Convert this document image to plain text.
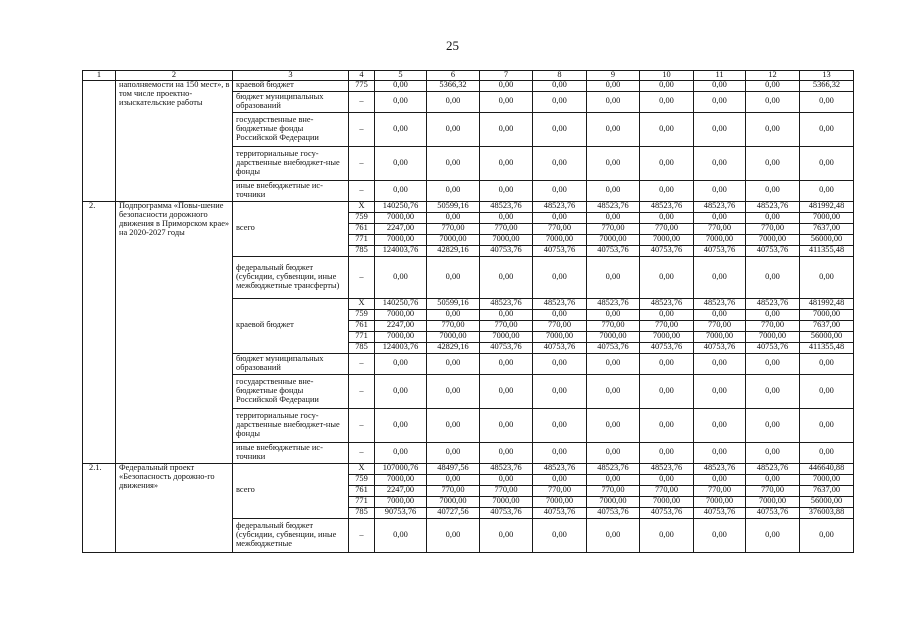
25
1	2	3	4	5	6	7	8	9	10	11	12	13
	наполняемости на 150 мест», в том числе проектно-изыскательские работы	краевой бюджет	775	0,00	5366,32	0,00	0,00	0,00	0,00	0,00	0,00	5366,32
		бюджет муниципальных образований	–	0,00	0,00	0,00	0,00	0,00	0,00	0,00	0,00	0,00
		государственные вне-бюджетные фонды Российской Федерации	–	0,00	0,00	0,00	0,00	0,00	0,00	0,00	0,00	0,00
		территориальные госу-дарственные внебюджет-ные фонды	–	0,00	0,00	0,00	0,00	0,00	0,00	0,00	0,00	0,00
		иные внебюджетные ис-точники	–	0,00	0,00	0,00	0,00	0,00	0,00	0,00	0,00	0,00
2.	Подпрограмма «Повы-шение безопасности дорожного движения в Приморском крае» на 2020-2027 годы	всего	X	140250,76	50599,16	48523,76	48523,76	48523,76	48523,76	48523,76	48523,76	481992,48
			759	7000,00	0,00	0,00	0,00	0,00	0,00	0,00	0,00	7000,00
			761	2247,00	770,00	770,00	770,00	770,00	770,00	770,00	770,00	7637,00
			771	7000,00	7000,00	7000,00	7000,00	7000,00	7000,00	7000,00	7000,00	56000,00
			785	124003,76	42829,16	40753,76	40753,76	40753,76	40753,76	40753,76	40753,76	411355,48
		федеральный бюджет (субсидии, субвенции, иные межбюджетные трансферты)	–	0,00	0,00	0,00	0,00	0,00	0,00	0,00	0,00	0,00
		краевой бюджет	X	140250,76	50599,16	48523,76	48523,76	48523,76	48523,76	48523,76	48523,76	481992,48
			759	7000,00	0,00	0,00	0,00	0,00	0,00	0,00	0,00	7000,00
			761	2247,00	770,00	770,00	770,00	770,00	770,00	770,00	770,00	7637,00
			771	7000,00	7000,00	7000,00	7000,00	7000,00	7000,00	7000,00	7000,00	56000,00
			785	124003,76	42829,16	40753,76	40753,76	40753,76	40753,76	40753,76	40753,76	411355,48
		бюджет муниципальных образований	–	0,00	0,00	0,00	0,00	0,00	0,00	0,00	0,00	0,00
		государственные вне-бюджетные фонды Российской Федерации	–	0,00	0,00	0,00	0,00	0,00	0,00	0,00	0,00	0,00
		территориальные госу-дарственные внебюджет-ные фонды	–	0,00	0,00	0,00	0,00	0,00	0,00	0,00	0,00	0,00
		иные внебюджетные ис-точники	–	0,00	0,00	0,00	0,00	0,00	0,00	0,00	0,00	0,00
2.1.	Федеральный проект «Безопасность дорожно-го движения»	всего	X	107000,76	48497,56	48523,76	48523,76	48523,76	48523,76	48523,76	48523,76	446640,88
			759	7000,00	0,00	0,00	0,00	0,00	0,00	0,00	0,00	7000,00
			761	2247,00	770,00	770,00	770,00	770,00	770,00	770,00	770,00	7637,00
			771	7000,00	7000,00	7000,00	7000,00	7000,00	7000,00	7000,00	7000,00	56000,00
			785	90753,76	40727,56	40753,76	40753,76	40753,76	40753,76	40753,76	40753,76	376003,88
		федеральный бюджет (субсидии, субвенции, иные межбюджетные	–	0,00	0,00	0,00	0,00	0,00	0,00	0,00	0,00	0,00
